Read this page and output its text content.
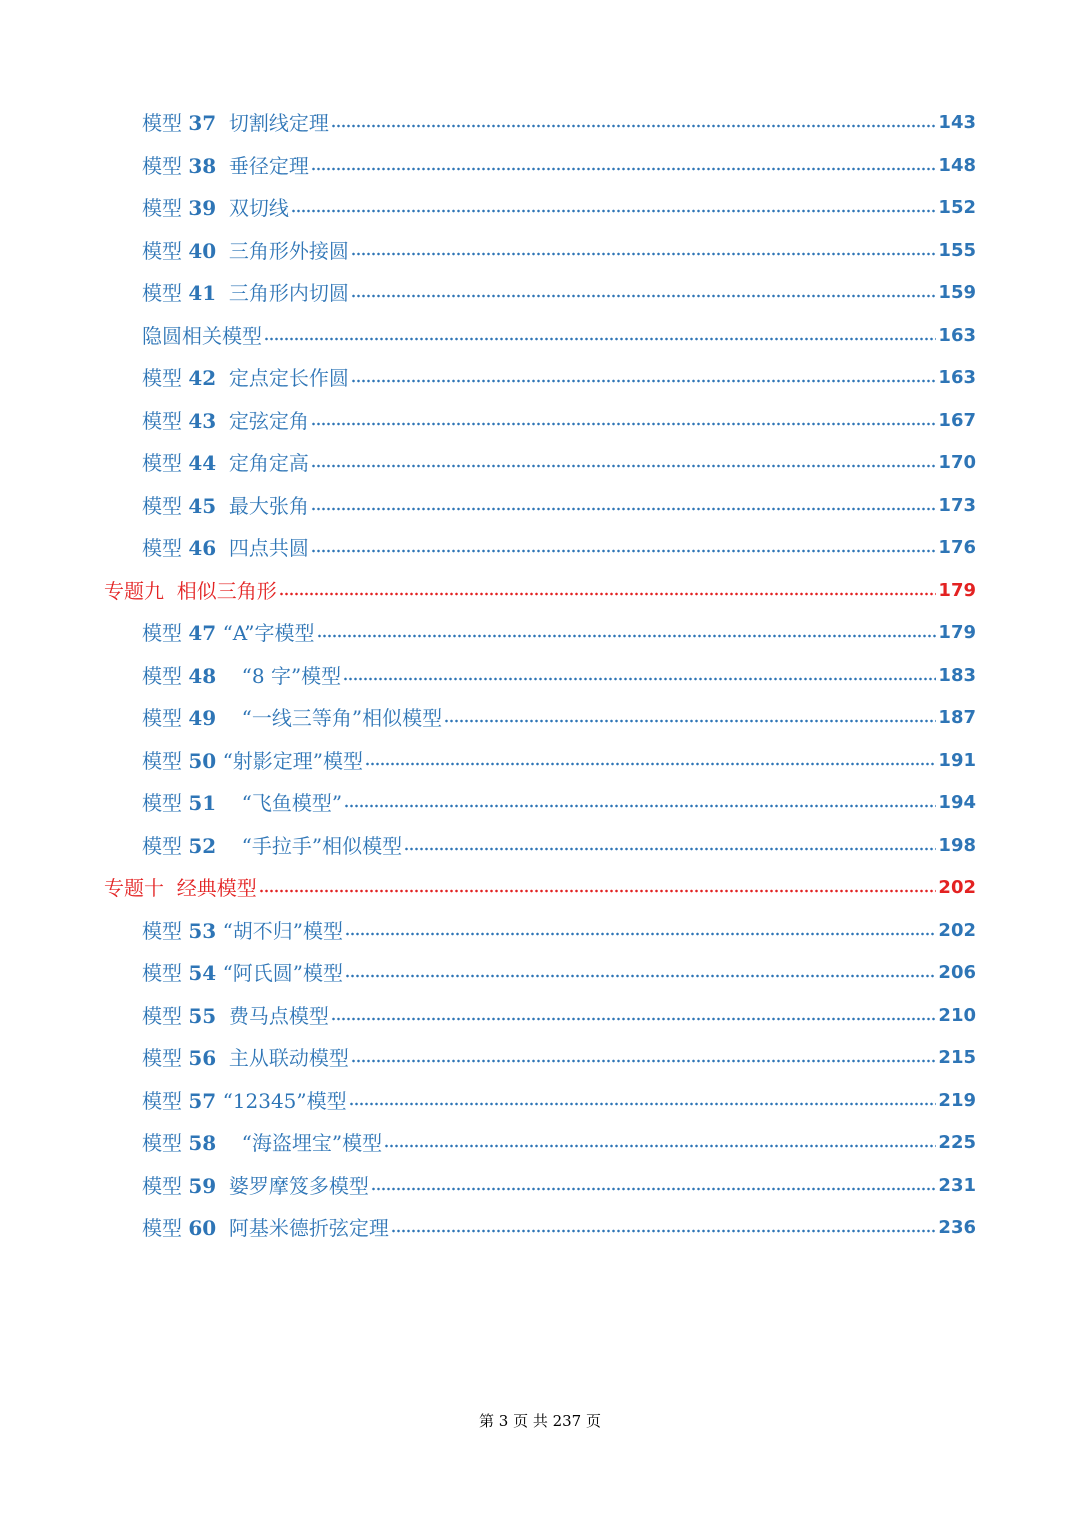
模型 37 切割线定理	143
模型 38 垂径定理	148
模型 39 双切线	152
模型 40 三角形外接圆	155
模型 41 三角形内切圆	159
隐圆相关模型	163
模型 42 定点定长作圆	163
模型 43 定弦定角	167
模型 44 定角定高	170
模型 45 最大张角	173
模型 46 四点共圆	176
专题九  相似三角形	179
模型 47 “A”字模型	179
模型 48 “8 字”模型	183
模型 49 “一线三等角”相似模型	187
模型 50 “射影定理”模型	191
模型 51 “飞鱼模型”	194
模型 52 “手拉手”相似模型	198
专题十  经典模型	202
模型 53 “胡不归”模型	202
模型 54 “阿氏圆”模型	206
模型 55 费马点模型	210
模型 56 主从联动模型	215
模型 57 “12345”模型	219
模型 58 “海盗埋宝”模型	225
模型 59 婆罗摩笈多模型	231
模型 60 阿基米德折弦定理	236
第 3 页 共 237 页
